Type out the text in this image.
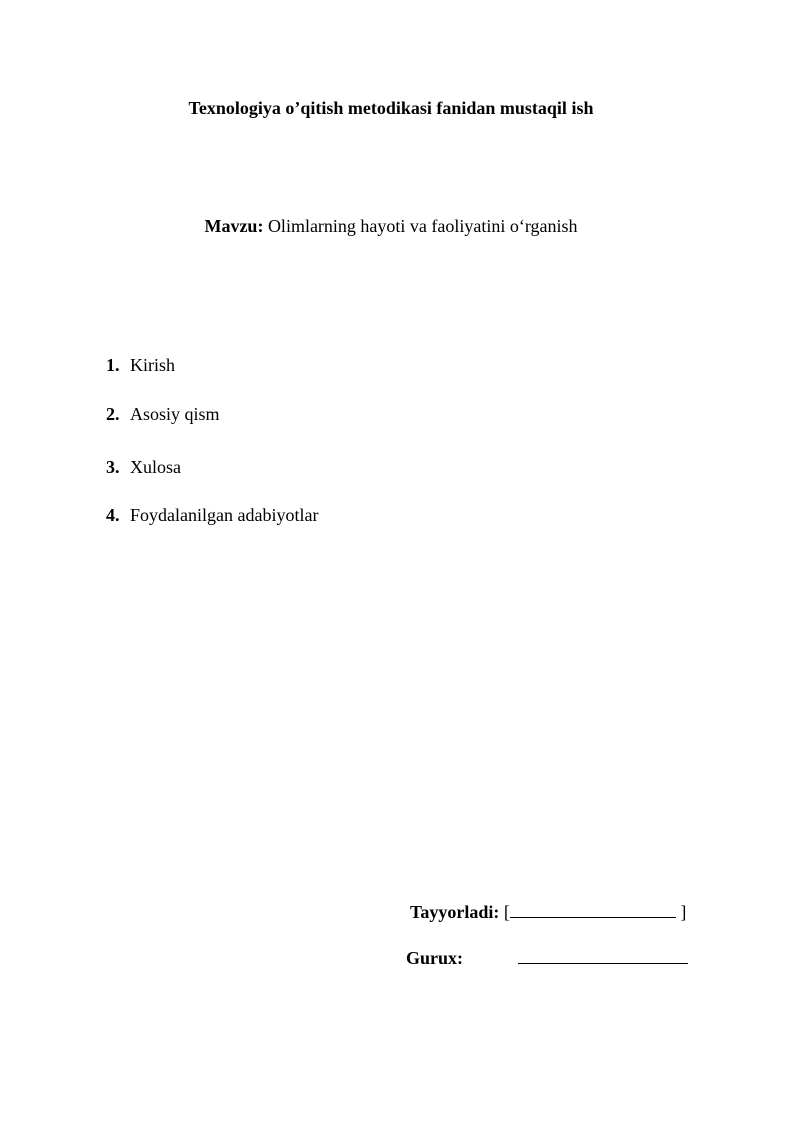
Texnologiya o’qitish metodikasi fanidan mustaqil ish
Mavzu: Olimlarning hayoti va faoliyatini o‘rganish
1. Kirish
2. Asosiy qism
3. Xulosa
4. Foydalanilgan adabiyotlar
Tayyorladi: [	]
Gurux:
